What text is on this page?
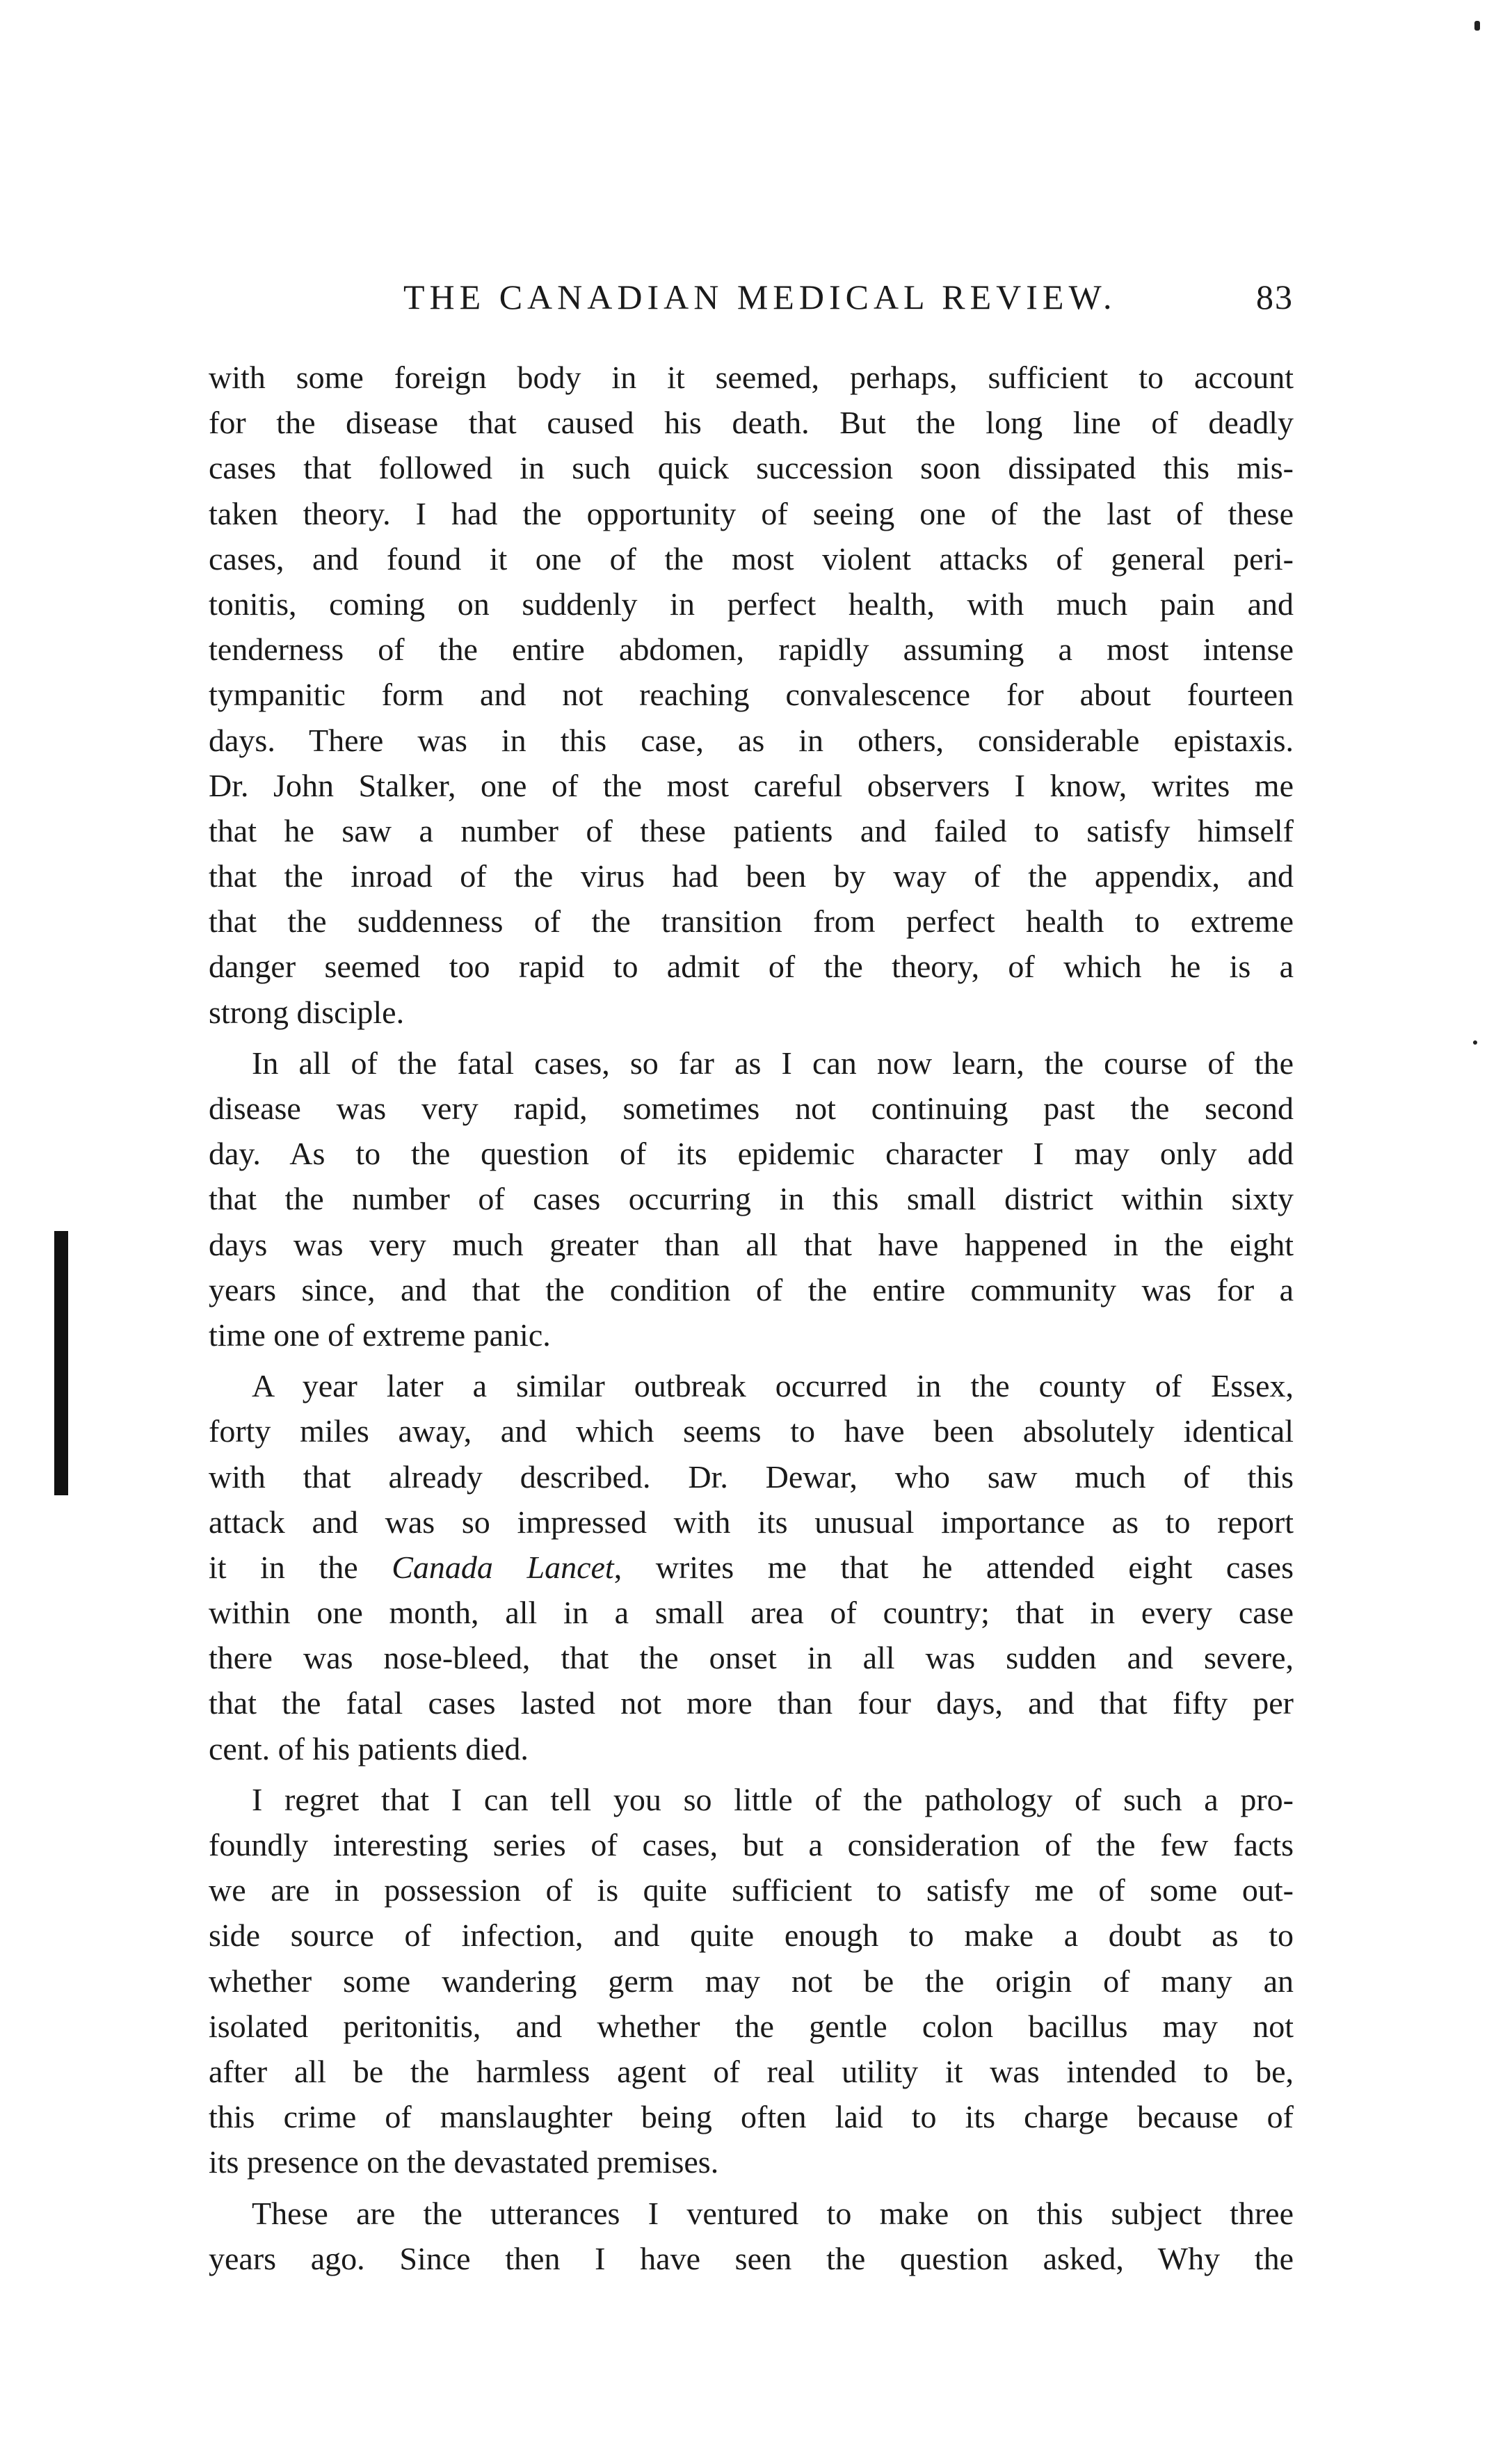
THE CANADIAN MEDICAL REVIEW.	83
with some foreign body in it seemed, perhaps, sufficient to account
for the disease that caused his death. But the long line of deadly
cases that followed in such quick succession soon dissipated this mis-
taken theory. I had the opportunity of seeing one of the last of these
cases, and found it one of the most violent attacks of general peri-
tonitis, coming on suddenly in perfect health, with much pain and
tenderness of the entire abdomen, rapidly assuming a most intense
tympanitic form and not reaching convalescence for about fourteen
days. There was in this case, as in others, considerable epistaxis.
Dr. John Stalker, one of the most careful observers I know, writes me
that he saw a number of these patients and failed to satisfy himself
that the inroad of the virus had been by way of the appendix, and
that the suddenness of the transition from perfect health to extreme
danger seemed too rapid to admit of the theory, of which he is a
strong disciple.
In all of the fatal cases, so far as I can now learn, the course of the
disease was very rapid, sometimes not continuing past the second
day. As to the question of its epidemic character I may only add
that the number of cases occurring in this small district within sixty
days was very much greater than all that have happened in the eight
years since, and that the condition of the entire community was for a
time one of extreme panic.
A year later a similar outbreak occurred in the county of Essex,
forty miles away, and which seems to have been absolutely identical
with that already described. Dr. Dewar, who saw much of this
attack and was so impressed with its unusual importance as to report
it in the Canada Lancet, writes me that he attended eight cases
within one month, all in a small area of country; that in every case
there was nose-bleed, that the onset in all was sudden and severe,
that the fatal cases lasted not more than four days, and that fifty per
cent. of his patients died.
I regret that I can tell you so little of the pathology of such a pro-
foundly interesting series of cases, but a consideration of the few facts
we are in possession of is quite sufficient to satisfy me of some out-
side source of infection, and quite enough to make a doubt as to
whether some wandering germ may not be the origin of many an
isolated peritonitis, and whether the gentle colon bacillus may not
after all be the harmless agent of real utility it was intended to be,
this crime of manslaughter being often laid to its charge because of
its presence on the devastated premises.
These are the utterances I ventured to make on this subject three
years ago. Since then I have seen the question asked, Why the
